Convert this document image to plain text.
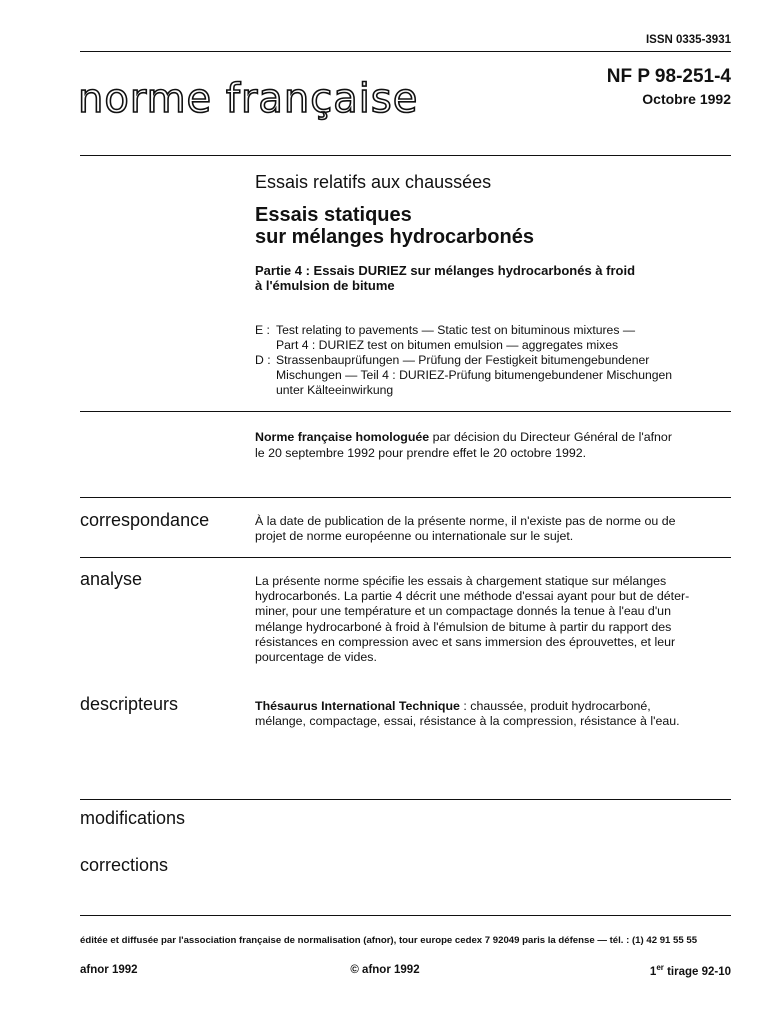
ISSN 0335-3931
norme française	NF P 98-251-4
Octobre 1992
Essais relatifs aux chaussées
Essais statiques
sur mélanges hydrocarbonés
Partie 4 : Essais DURIEZ sur mélanges hydrocarbonés à froid
à l'émulsion de bitume
E : Test relating to pavements — Static test on bituminous mixtures —
Part 4 : DURIEZ test on bitumen emulsion — aggregates mixes
D : Strassenbauprüfungen — Prüfung der Festigkeit bitumengebundener
Mischungen — Teil 4 : DURIEZ-Prüfung bitumengebundener Mischungen
unter Kälteeinwirkung
Norme française homologuée par décision du Directeur Général de l'afnor
le 20 septembre 1992 pour prendre effet le 20 octobre 1992.
correspondance	À la date de publication de la présente norme, il n'existe pas de norme ou de
projet de norme européenne ou internationale sur le sujet.
analyse	La présente norme spécifie les essais à chargement statique sur mélanges
hydrocarbonés. La partie 4 décrit une méthode d'essai ayant pour but de déter-
miner, pour une température et un compactage donnés la tenue à l'eau d'un
mélange hydrocarboné à froid à l'émulsion de bitume à partir du rapport des
résistances en compression avec et sans immersion des éprouvettes, et leur
pourcentage de vides.
descripteurs	Thésaurus International Technique : chaussée, produit hydrocarboné,
mélange, compactage, essai, résistance à la compression, résistance à l'eau.
modifications
corrections
éditée et diffusée par l'association française de normalisation (afnor), tour europe cedex 7 92049 paris la défense — tél. : (1) 42 91 55 55
afnor 1992	© afnor 1992	1er tirage 92-10
